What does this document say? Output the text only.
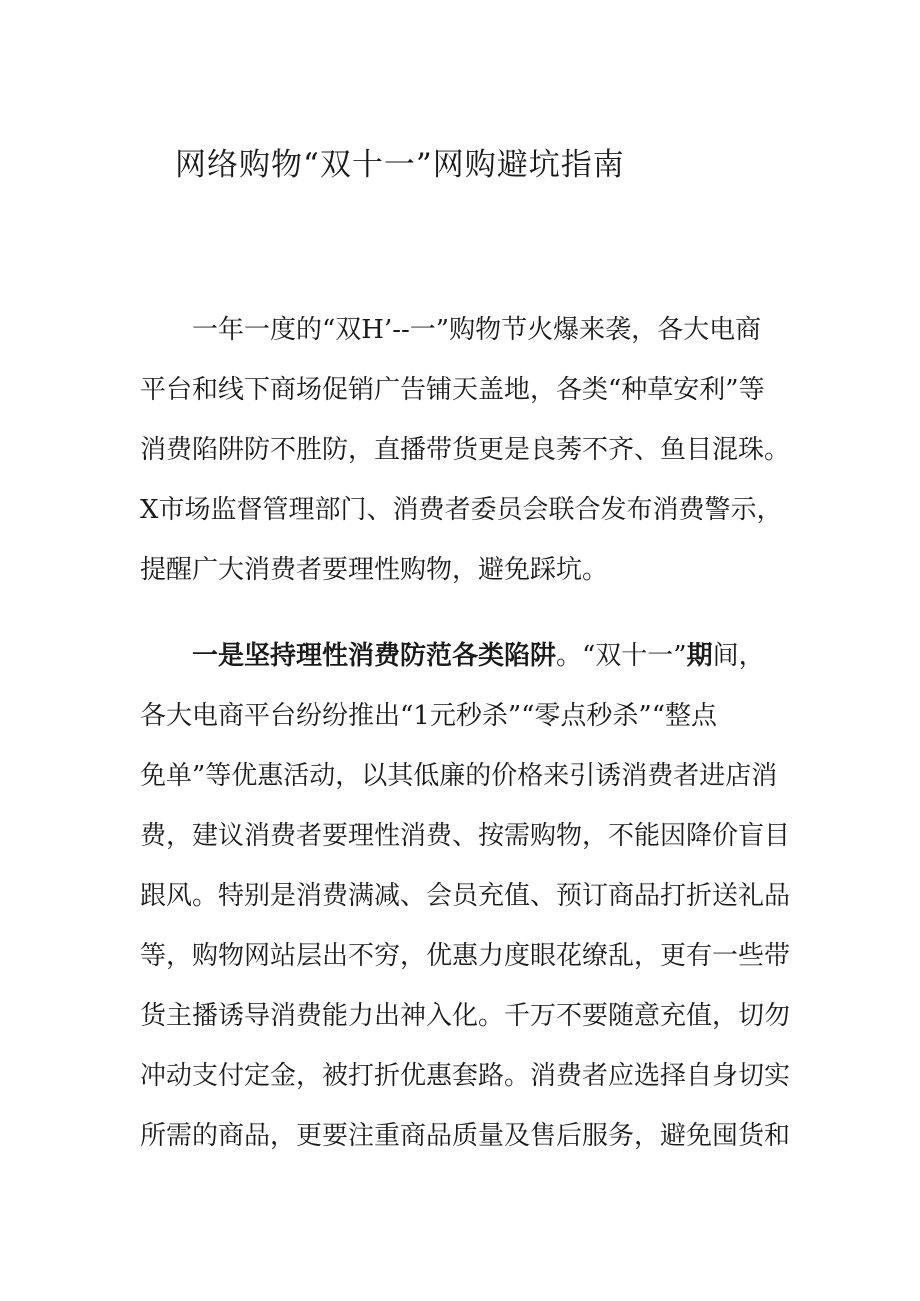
网络购物“双十一”网购避坑指南
一年一度的“双H’--一”购物节火爆来袭，各大电商
平台和线下商场促销广告铺天盖地，各类“种草安利”等
消费陷阱防不胜防，直播带货更是良莠不齐、鱼目混珠。
X市场监督管理部门、消费者委员会联合发布消费警示，
提醒广大消费者要理性购物，避免踩坑。
一是坚持理性消费防范各类陷阱。“双十一”期间，
各大电商平台纷纷推出“1元秒杀”“零点秒杀”“整点
免单”等优惠活动，以其低廉的价格来引诱消费者进店消
费，建议消费者要理性消费、按需购物，不能因降价盲目
跟风。特别是消费满减、会员充值、预订商品打折送礼品
等，购物网站层出不穷，优惠力度眼花缭乱，更有一些带
货主播诱导消费能力出神入化。千万不要随意充值，切勿
冲动支付定金，被打折优惠套路。消费者应选择自身切实
所需的商品，更要注重商品质量及售后服务，避免囤货和
